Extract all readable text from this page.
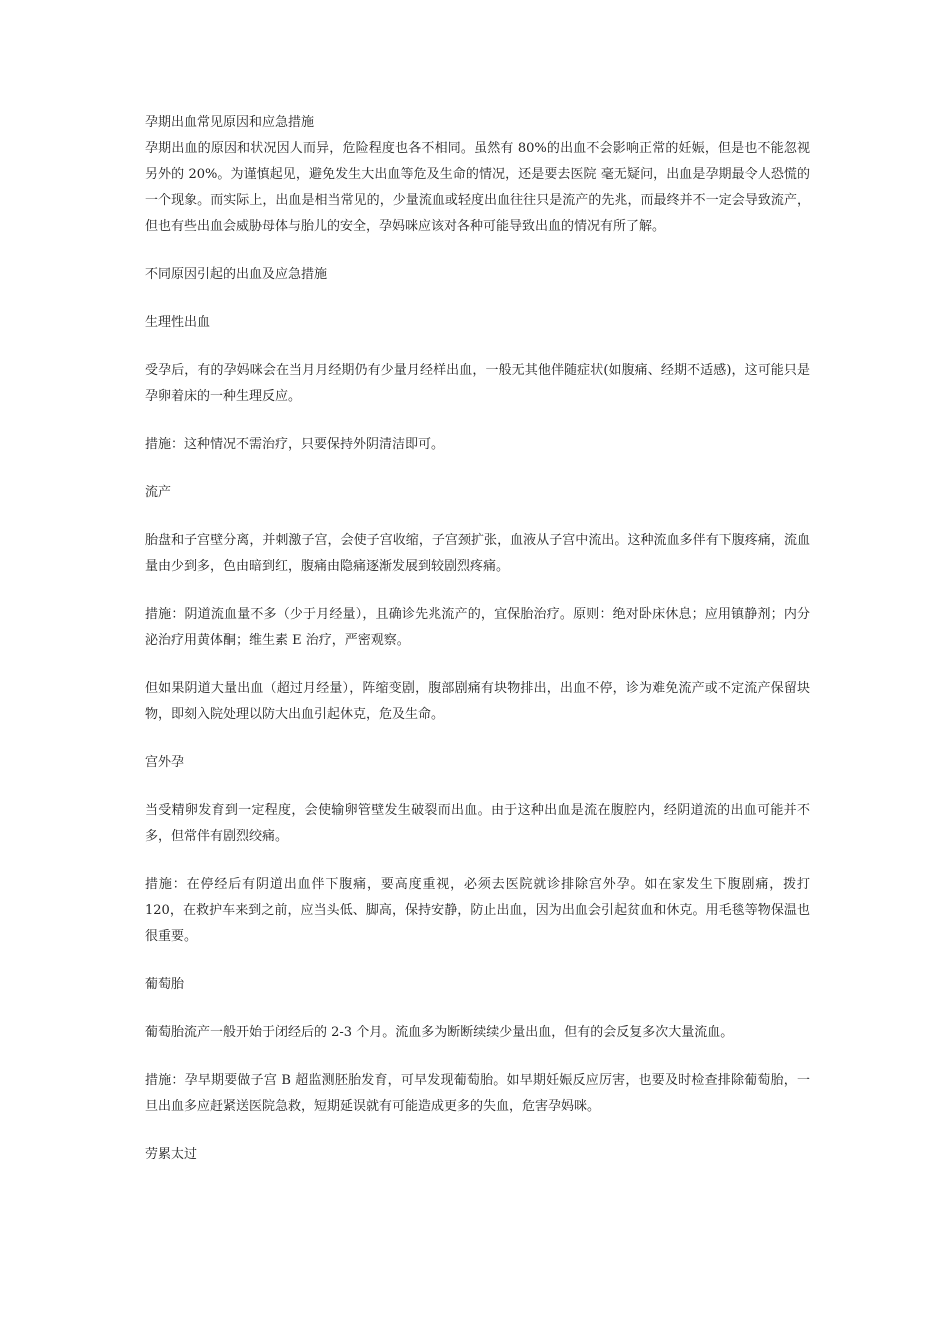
孕期出血常见原因和应急措施

孕期出血的原因和状况因人而异，危险程度也各不相同。虽然有 80%的出血不会影响正常的妊娠，但是也不能忽视另外的 20%。为谨慎起见，避免发生大出血等危及生命的情况，还是要去医院 毫无疑问，出血是孕期最令人恐慌的一个现象。而实际上，出血是相当常见的，少量流血或轻度出血往往只是流产的先兆，而最终并不一定会导致流产，但也有些出血会威胁母体与胎儿的安全，孕妈咪应该对各种可能导致出血的情况有所了解。

不同原因引起的出血及应急措施

生理性出血

受孕后，有的孕妈咪会在当月月经期仍有少量月经样出血，一般无其他伴随症状(如腹痛、经期不适感)，这可能只是孕卵着床的一种生理反应。

措施：这种情况不需治疗，只要保持外阴清洁即可。

流产

胎盘和子宫壁分离，并刺激子宫，会使子宫收缩，子宫颈扩张，血液从子宫中流出。这种流血多伴有下腹疼痛，流血量由少到多，色由暗到红，腹痛由隐痛逐渐发展到较剧烈疼痛。

措施：阴道流血量不多（少于月经量），且确诊先兆流产的，宜保胎治疗。原则：绝对卧床休息；应用镇静剂；内分泌治疗用黄体酮；维生素 E 治疗，严密观察。

但如果阴道大量出血（超过月经量），阵缩变剧，腹部剧痛有块物排出，出血不停，诊为难免流产或不定流产保留块物，即刻入院处理以防大出血引起休克，危及生命。

宫外孕

当受精卵发育到一定程度，会使输卵管壁发生破裂而出血。由于这种出血是流在腹腔内，经阴道流的出血可能并不多，但常伴有剧烈绞痛。

措施：在停经后有阴道出血伴下腹痛，要高度重视，必须去医院就诊排除宫外孕。如在家发生下腹剧痛，拨打 120，在救护车来到之前，应当头低、脚高，保持安静，防止出血，因为出血会引起贫血和休克。用毛毯等物保温也很重要。

葡萄胎

葡萄胎流产一般开始于闭经后的 2-3 个月。流血多为断断续续少量出血，但有的会反复多次大量流血。

措施：孕早期要做子宫 B 超监测胚胎发育，可早发现葡萄胎。如早期妊娠反应厉害，也要及时检查排除葡萄胎，一旦出血多应赶紧送医院急救，短期延误就有可能造成更多的失血，危害孕妈咪。

劳累太过
